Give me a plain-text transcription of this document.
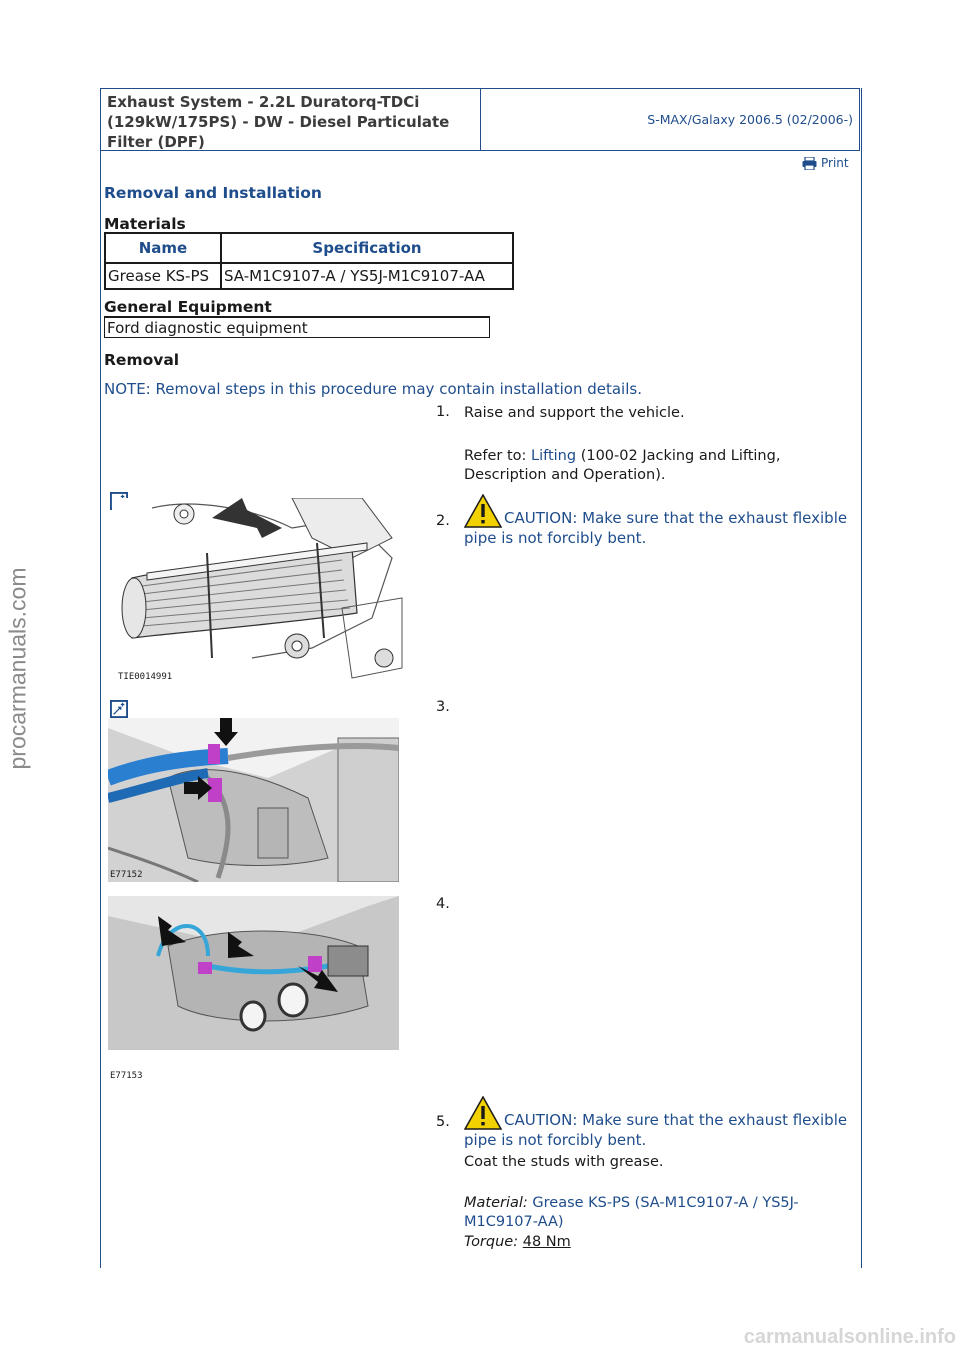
procarmanuals.com
carmanualsonline.info
Exhaust System - 2.2L Duratorq-TDCi (129kW/175PS) - DW - Diesel Particulate Filter (DPF)
S-MAX/Galaxy 2006.5 (02/2006-)
Print
Removal and Installation
Materials
Name	Specification
Grease KS-PS	SA-M1C9107-A / YS5J-M1C9107-AA
General Equipment
Ford diagnostic equipment
Removal
NOTE: Removal steps in this procedure may contain installation details.
1. Raise and support the vehicle.
Refer to: Lifting (100-02 Jacking and Lifting, Description and Operation).
TIE0014991
2.	CAUTION: Make sure that the exhaust flexible pipe is not forcibly bent.
E77152
3.
E77153
4.
5.	CAUTION: Make sure that the exhaust flexible pipe is not forcibly bent.
Coat the studs with grease.
Material: Grease KS-PS (SA-M1C9107-A / YS5J-M1C9107-AA)
Torque: 48 Nm
